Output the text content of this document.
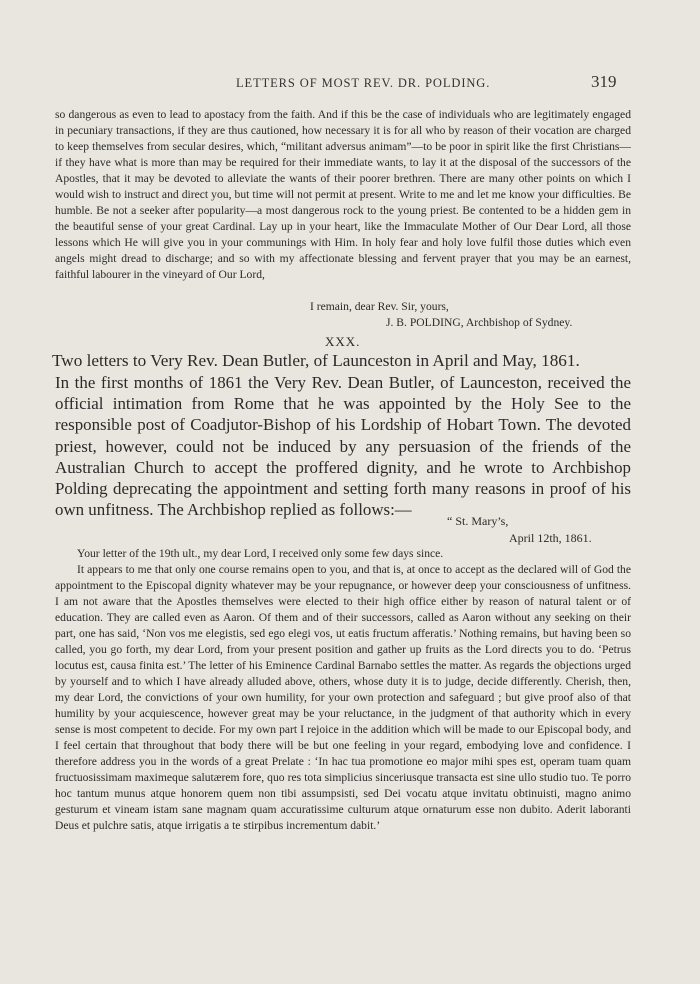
LETTERS OF MOST REV. DR. POLDING.	319

so dangerous as even to lead to apostacy from the faith. And if this be the case of individuals who are legitimately engaged in pecuniary transactions, if they are thus cautioned, how necessary it is for all who by reason of their vocation are charged to keep themselves from secular desires, which, “militant adversus animam”—to be poor in spirit like the first Christians—if they have what is more than may be required for their immediate wants, to lay it at the disposal of the successors of the Apostles, that it may be devoted to alleviate the wants of their poorer brethren. There are many other points on which I would wish to instruct and direct you, but time will not permit at present. Write to me and let me know your difficulties. Be humble. Be not a seeker after popularity—a most dangerous rock to the young priest. Be contented to be a hidden gem in the beautiful sense of your great Cardinal. Lay up in your heart, like the Immaculate Mother of Our Dear Lord, all those lessons which He will give you in your communings with Him. In holy fear and holy love fulfil those duties which even angels might dread to discharge; and so with my affectionate blessing and fervent prayer that you may be an earnest, faithful labourer in the vineyard of Our Lord,

I remain, dear Rev. Sir, yours,
J. B. POLDING, Archbishop of Sydney.
XXX.
Two letters to Very Rev. Dean Butler, of Launceston in April and May, 1861.

In the first months of 1861 the Very Rev. Dean Butler, of Launceston, received the official intimation from Rome that he was appointed by the Holy See to the responsible post of Coadjutor-Bishop of his Lordship of Hobart Town. The devoted priest, however, could not be induced by any persuasion of the friends of the Australian Church to accept the proffered dignity, and he wrote to Archbishop Polding deprecating the appointment and setting forth many reasons in proof of his own unfitness. The Archbishop replied as follows:—

“ St. Mary’s,
April 12th, 1861.

Your letter of the 19th ult., my dear Lord, I received only some few days since.

It appears to me that only one course remains open to you, and that is, at once to accept as the declared will of God the appointment to the Episcopal dignity whatever may be your repugnance, or however deep your consciousness of unfitness. I am not aware that the Apostles themselves were elected to their high office either by reason of natural talent or of education. They are called even as Aaron. Of them and of their successors, called as Aaron without any seeking on their part, one has said, ‘Non vos me elegistis, sed ego elegi vos, ut eatis fructum afferatis.’ Nothing remains, but having been so called, you go forth, my dear Lord, from your present position and gather up fruits as the Lord directs you to do. ‘Petrus locutus est, causa finita est.’ The letter of his Eminence Cardinal Barnabo settles the matter. As regards the objections urged by yourself and to which I have already alluded above, others, whose duty it is to judge, decide differently. Cherish, then, my dear Lord, the convictions of your own humility, for your own protection and safeguard ; but give proof also of that humility by your acquiescence, however great may be your reluctance, in the judgment of that authority which in every sense is most competent to decide. For my own part I rejoice in the addition which will be made to our Episcopal body, and I feel certain that throughout that body there will be but one feeling in your regard, embodying love and confidence. I therefore address you in the words of a great Prelate : ‘In hac tua promotione eo major mihi spes est, operam tuam quam fructuosissimam maximeque salutærem fore, quo res tota simplicius sinceriusque transacta est sine ullo studio tuo. Te porro hoc tantum munus atque honorem quem non tibi assumpsisti, sed Dei vocatu atque invitatu obtinuisti, magno animo gesturum et vineam istam sane magnam quam accuratissime culturum atque ornaturum esse non dubito. Aderit laboranti Deus et pulchre satis, atque irrigatis a te stirpibus incrementum dabit.’
